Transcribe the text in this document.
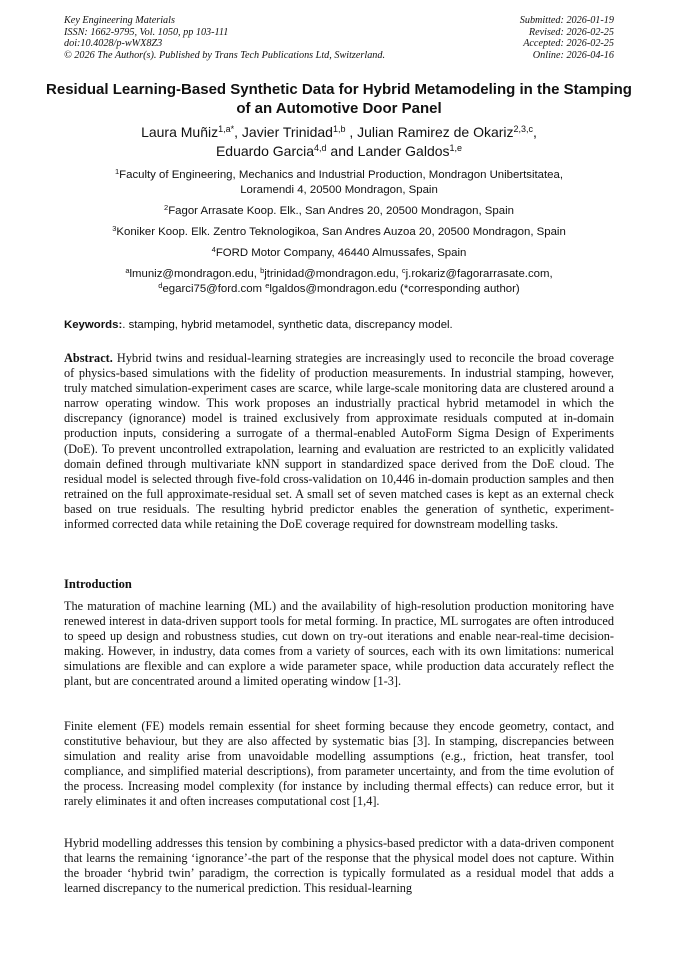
Key Engineering Materials
ISSN: 1662-9795, Vol. 1050, pp 103-111
doi:10.4028/p-wWX8Z3
© 2026 The Author(s). Published by Trans Tech Publications Ltd, Switzerland.
Submitted: 2026-01-19
Revised: 2026-02-25
Accepted: 2026-02-25
Online: 2026-04-16
Residual Learning-Based Synthetic Data for Hybrid Metamodeling in the Stamping of an Automotive Door Panel
Laura Muñiz$^{1,a*}$, Javier Trinidad$^{1,b}$ , Julian Ramirez de Okariz$^{2,3,c}$,
Eduardo Garcia$^{4,d}$ and Lander Galdos$^{1,e}$
$^1$Faculty of Engineering, Mechanics and Industrial Production, Mondragon Unibertsitatea,
Loramendi 4, 20500 Mondragon, Spain
$^2$Fagor Arrasate Koop. Elk., San Andres 20, 20500 Mondragon, Spain
$^3$Koniker Koop. Elk. Zentro Teknologikoa, San Andres Auzoa 20, 20500 Mondragon, Spain
$^4$FORD Motor Company, 46440 Almussafes, Spain
$^a$lmuniz@mondragon.edu, $^b$jtrinidad@mondragon.edu, $^c$j.rokariz@fagorarrasate.com,
$^d$egarci75@ford.com $^e$lgaldos@mondragon.edu (*corresponding author)
Keywords:. stamping, hybrid metamodel, synthetic data, discrepancy model.

Abstract. Hybrid twins and residual-learning strategies are increasingly used to reconcile the broad coverage of physics-based simulations with the fidelity of production measurements. In industrial stamping, however, truly matched simulation-experiment cases are scarce, while large-scale monitoring data are clustered around a narrow operating window. This work proposes an industrially practical hybrid metamodel in which the discrepancy (ignorance) model is trained exclusively from approximate residuals computed at in-domain production inputs, considering a surrogate of a thermal-enabled AutoForm Sigma Design of Experiments (DoE). To prevent uncontrolled extrapolation, learning and evaluation are restricted to an explicitly validated domain defined through multivariate kNN support in standardized space derived from the DoE cloud. The residual model is selected through five-fold cross-validation on 10,446 in-domain production samples and then retrained on the full approximate-residual set. A small set of seven matched cases is kept as an external check based on true residuals. The resulting hybrid predictor enables the generation of synthetic, experiment-informed corrected data while retaining the DoE coverage required for downstream modelling tasks.

Introduction

The maturation of machine learning (ML) and the availability of high-resolution production monitoring have renewed interest in data-driven support tools for metal forming. In practice, ML surrogates are often introduced to speed up design and robustness studies, cut down on try-out iterations and enable near-real-time decision-making. However, in industry, data comes from a variety of sources, each with its own limitations: numerical simulations are flexible and can explore a wide parameter space, while production data accurately reflect the plant, but are concentrated around a limited operating window [1-3].

Finite element (FE) models remain essential for sheet forming because they encode geometry, contact, and constitutive behaviour, but they are also affected by systematic bias [3]. In stamping, discrepancies between simulation and reality arise from unavoidable modelling assumptions (e.g., friction, heat transfer, tool compliance, and simplified material descriptions), from parameter uncertainty, and from the time evolution of the process. Increasing model complexity (for instance by including thermal effects) can reduce error, but it rarely eliminates it and often increases computational cost [1,4].

Hybrid modelling addresses this tension by combining a physics-based predictor with a data-driven component that learns the remaining ‘ignorance’-the part of the response that the physical model does not capture. Within the broader ‘hybrid twin’ paradigm, the correction is typically formulated as a residual model that adds a learned discrepancy to the numerical prediction. This residual-learning
